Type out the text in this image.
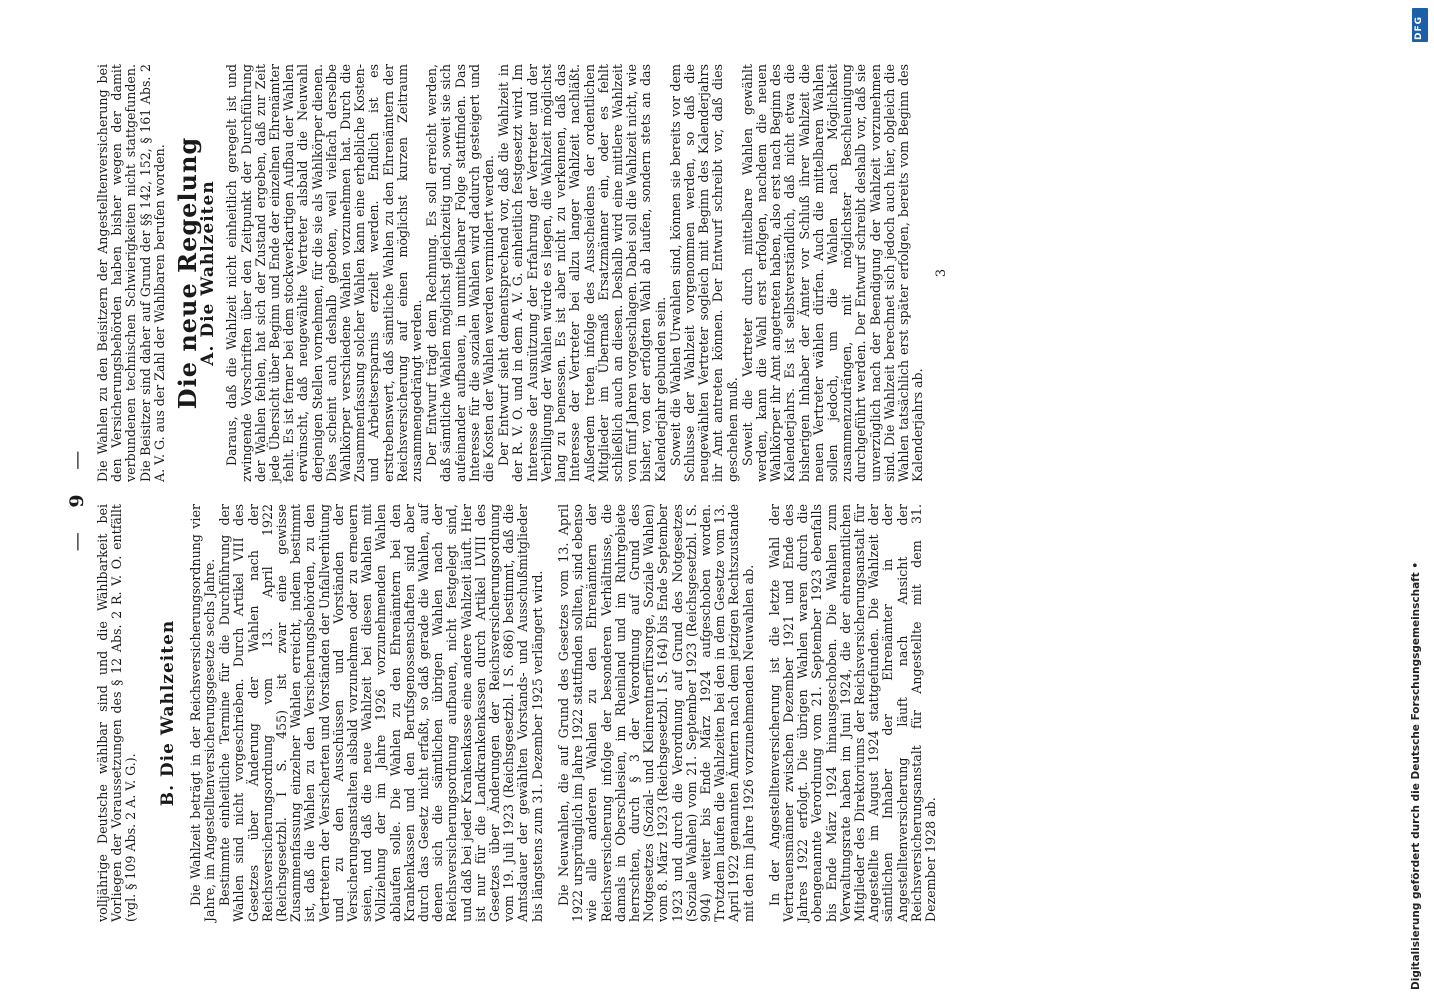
— 9 —

volljährige Deutsche wählbar sind und die Wählbarkeit bei Vorliegen der Voraussetzungen des § 12 Abs. 2 R. V. O. entfällt (vgl. § 109 Abs. 2 A. V. G.).

B. Die Wahlzeiten Die Wahlzeit beträgt in der Reichsversicherungsordnung vier Jahre, im Angestelltenversicherungsgesetze sechs Jahre. Bestimmte einheitliche Termine für die Durchführung der Wahlen sind nicht vorgeschrieben. Durch Artikel VIII des Gesetzes über Änderung der Wahlen nach der Reichsversicherungsordnung vom 13. April 1922 (Reichsgesetzbl. I S. 455) ist zwar eine gewisse Zusammenfassung einzelner Wahlen erreicht, indem bestimmt ist, daß die Wahlen zu den Versicherungsbehörden, zu den Vertretern der Versicherten und Vorständen der Unfallverhütung und zu den Ausschüssen und Vorständen der Versicherungsanstalten alsbald vorzunehmen oder zu erneuern seien, und daß die neue Wahlzeit bei diesen Wahlen mit Vollziehung der im Jahre 1926 vorzunehmenden Wahlen ablaufen solle. Die Wahlen zu den Ehrenämtern bei den Krankenkassen und den Berufsgenossenschaften sind aber durch das Gesetz nicht erfaßt, so daß gerade die Wahlen, auf denen sich die sämtlichen übrigen Wahlen nach der Reichsversicherungsordnung aufbauen, nicht festgelegt sind, und daß bei jeder Krankenkasse eine andere Wahlzeit läuft. Hier ist nur für die Landkrankenkassen durch Artikel LVIII des Gesetzes über Änderungen der Reichsversicherungsordnung vom 19. Juli 1923 (Reichsgesetzbl. I S. 686) bestimmt, daß die Amtsdauer der gewählten Vorstands- und Ausschußmitglieder bis längstens zum 31. Dezember 1925 verlängert wird. Die Neuwahlen, die auf Grund des Gesetzes vom 13. April 1922 ursprünglich im Jahre 1922 stattfinden sollten, sind ebenso wie alle anderen Wahlen zu den Ehrenämtern der Reichsversicherung infolge der besonderen Verhältnisse, die damals in Oberschlesien, im Rheinland und im Ruhrgebiete herrschten, durch § 3 der Verordnung auf Grund des Notgesetzes (Sozial- und Kleinrentnerfürsorge, Soziale Wahlen) vom 8. März 1923 (Reichsgesetzbl. I S. 164) bis Ende September 1923 und durch die Verordnung auf Grund des Notgesetzes (Soziale Wahlen) vom 21. September 1923 (Reichsgesetzbl. I S. 904) weiter bis Ende März 1924 aufgeschoben worden. Trotzdem laufen die Wahlzeiten bei den in dem Gesetze vom 13. April 1922 genannten Ämtern nach dem jetzigen Rechtszustande mit den im Jahre 1926 vorzunehmenden Neuwahlen ab. In der Angestelltenversicherung ist die letzte Wahl der Vertrauensmänner zwischen Dezember 1921 und Ende des Jahres 1922 erfolgt. Die übrigen Wahlen waren durch die obengenannte Verordnung vom 21. September 1923 ebenfalls bis Ende März 1924 hinausgeschoben. Die Wahlen zum Verwaltungsrate haben im Juni 1924, die der ehrenamtlichen Mitglieder des Direktoriums der Reichsversicherungsanstalt für Angestellte im August 1924 stattgefunden. Die Wahlzeit der sämtlichen Inhaber der Ehrenämter in der Angestelltenversicherung läuft nach Ansicht der Reichsversicherungsanstalt für Angestellte mit dem 31. Dezember 1928 ab.

Die Wahlen zu den Beisitzern der Angestelltenversicherung bei den Versicherungsbehörden haben bisher wegen der damit verbundenen technischen Schwierigkeiten nicht stattgefunden. Die Beisitzer sind daher auf Grund der §§ 142, 152, § 161 Abs. 2 A. V. G. aus der Zahl der Wahlbaren berufen worden. Die neue Regelung
A. Die Wahlzeiten Daraus, daß die Wahlzeit nicht einheitlich geregelt ist und zwingende Vorschriften über den Zeitpunkt der Durchführung der Wahlen fehlen, hat sich der Zustand ergeben, daß zur Zeit jede Übersicht über Beginn und Ende der einzelnen Ehrenämter fehlt. Es ist ferner bei dem stockwerkartigen Aufbau der Wahlen erwünscht, daß neugewählte Vertreter alsbald die Neuwahl derjenigen Stellen vornehmen, für die sie als Wahlkörper dienen. Dies scheint auch deshalb geboten, weil vielfach derselbe Wahlkörper verschiedene Wahlen vorzunehmen hat. Durch die Zusammenfassung solcher Wahlen kann eine erhebliche Kosten- und Arbeitsersparnis erzielt werden. Endlich ist es erstrebenswert, daß sämtliche Wahlen zu den Ehrenämtern der Reichsversicherung auf einen möglichst kurzen Zeitraum zusammengedrängt werden. Der Entwurf trägt dem Rechnung. Es soll erreicht werden, daß sämtliche Wahlen möglichst gleichzeitig und, soweit sie sich aufeinander aufbauen, in unmittelbarer Folge stattfinden. Das Interesse für die sozialen Wahlen wird dadurch gesteigert und die Kosten der Wahlen werden vermindert werden. Der Entwurf sieht dementsprechend vor, daß die Wahlzeit in der R. V. O. und in dem A. V. G. einheitlich festgesetzt wird. Im Interesse der Ausnützung der Erfahrung der Vertreter und der Verbilligung der Wahlen würde es liegen, die Wahlzeit möglichst lang zu bemessen. Es ist aber nicht zu verkennen, daß das Interesse der Vertreter bei allzu langer Wahlzeit nachläßt. Außerdem treten infolge des Ausscheidens der ordentlichen Mitglieder im Übermaß Ersatzmänner ein, oder es fehlt schließlich auch an diesen. Deshalb wird eine mittlere Wahlzeit von fünf Jahren vorgeschlagen. Dabei soll die Wahlzeit nicht, wie bisher, von der erfolgten Wahl ab laufen, sondern stets an das Kalenderjahr gebunden sein. Soweit die Wahlen Urwahlen sind, können sie bereits vor dem Schlusse der Wahlzeit vorgenommen werden, so daß die neugewählten Vertreter sogleich mit Beginn des Kalenderjahrs ihr Amt antreten können. Der Entwurf schreibt vor, daß dies geschehen muß. Soweit die Vertreter durch mittelbare Wahlen gewählt werden, kann die Wahl erst erfolgen, nachdem die neuen Wahlkörper ihr Amt angetreten haben, also erst nach Beginn des Kalenderjahrs. Es ist selbstverständlich, daß nicht etwa die bisherigen Inhaber der Ämter vor Schluß ihrer Wahlzeit die neuen Vertreter wählen dürfen. Auch die mittelbaren Wahlen sollen jedoch, um die Wahlen nach Möglichkeit zusammenzudrängen, mit möglichster Beschleunigung durchgeführt werden. Der Entwurf schreibt deshalb vor, daß sie unverzüglich nach der Beendigung der Wahlzeit vorzunehmen sind. Die Wahlzeit berechnet sich jedoch auch hier, obgleich die Wahlen tatsächlich erst später erfolgen, bereits vom Beginn des Kalenderjahrs ab.

3
DFG
Digitalisierung gefördert durch die Deutsche Forschungsgemeinschaft •
